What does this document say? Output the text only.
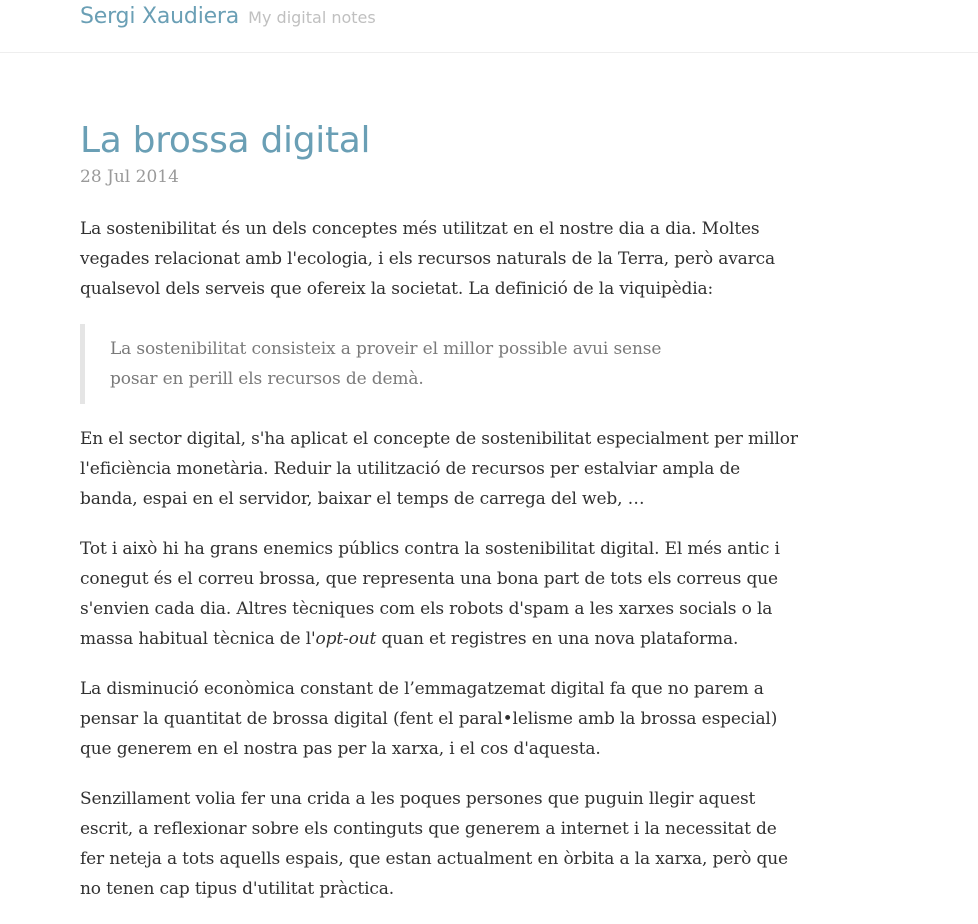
Sergi Xaudiera My digital notes
La brossa digital
28 Jul 2014

La sostenibilitat és un dels conceptes més utilitzat en el nostre dia a dia. Moltes vegades relacionat amb l'ecologia, i els recursos naturals de la Terra, però avarca qualsevol dels serveis que ofereix la societat. La definició de la viquipèdia:

La sostenibilitat consisteix a proveir el millor possible avui sense posar en perill els recursos de demà.

En el sector digital, s'ha aplicat el concepte de sostenibilitat especialment per millor l'eficiència monetària. Reduir la utilització de recursos per estalviar ampla de banda, espai en el servidor, baixar el temps de carrega del web, …

Tot i això hi ha grans enemics públics contra la sostenibilitat digital. El més antic i conegut és el correu brossa, que representa una bona part de tots els correus que s'envien cada dia. Altres tècniques com els robots d'spam a les xarxes socials o la massa habitual tècnica de l'opt-out quan et registres en una nova plataforma.

La disminució econòmica constant de l’emmagatzemat digital fa que no parem a pensar la quantitat de brossa digital (fent el paral•lelisme amb la brossa especial) que generem en el nostra pas per la xarxa, i el cos d'aquesta.

Senzillament volia fer una crida a les poques persones que puguin llegir aquest escrit, a reflexionar sobre els continguts que generem a internet i la necessitat de fer neteja a tots aquells espais, que estan actualment en òrbita a la xarxa, però que no tenen cap tipus d'utilitat pràctica.
